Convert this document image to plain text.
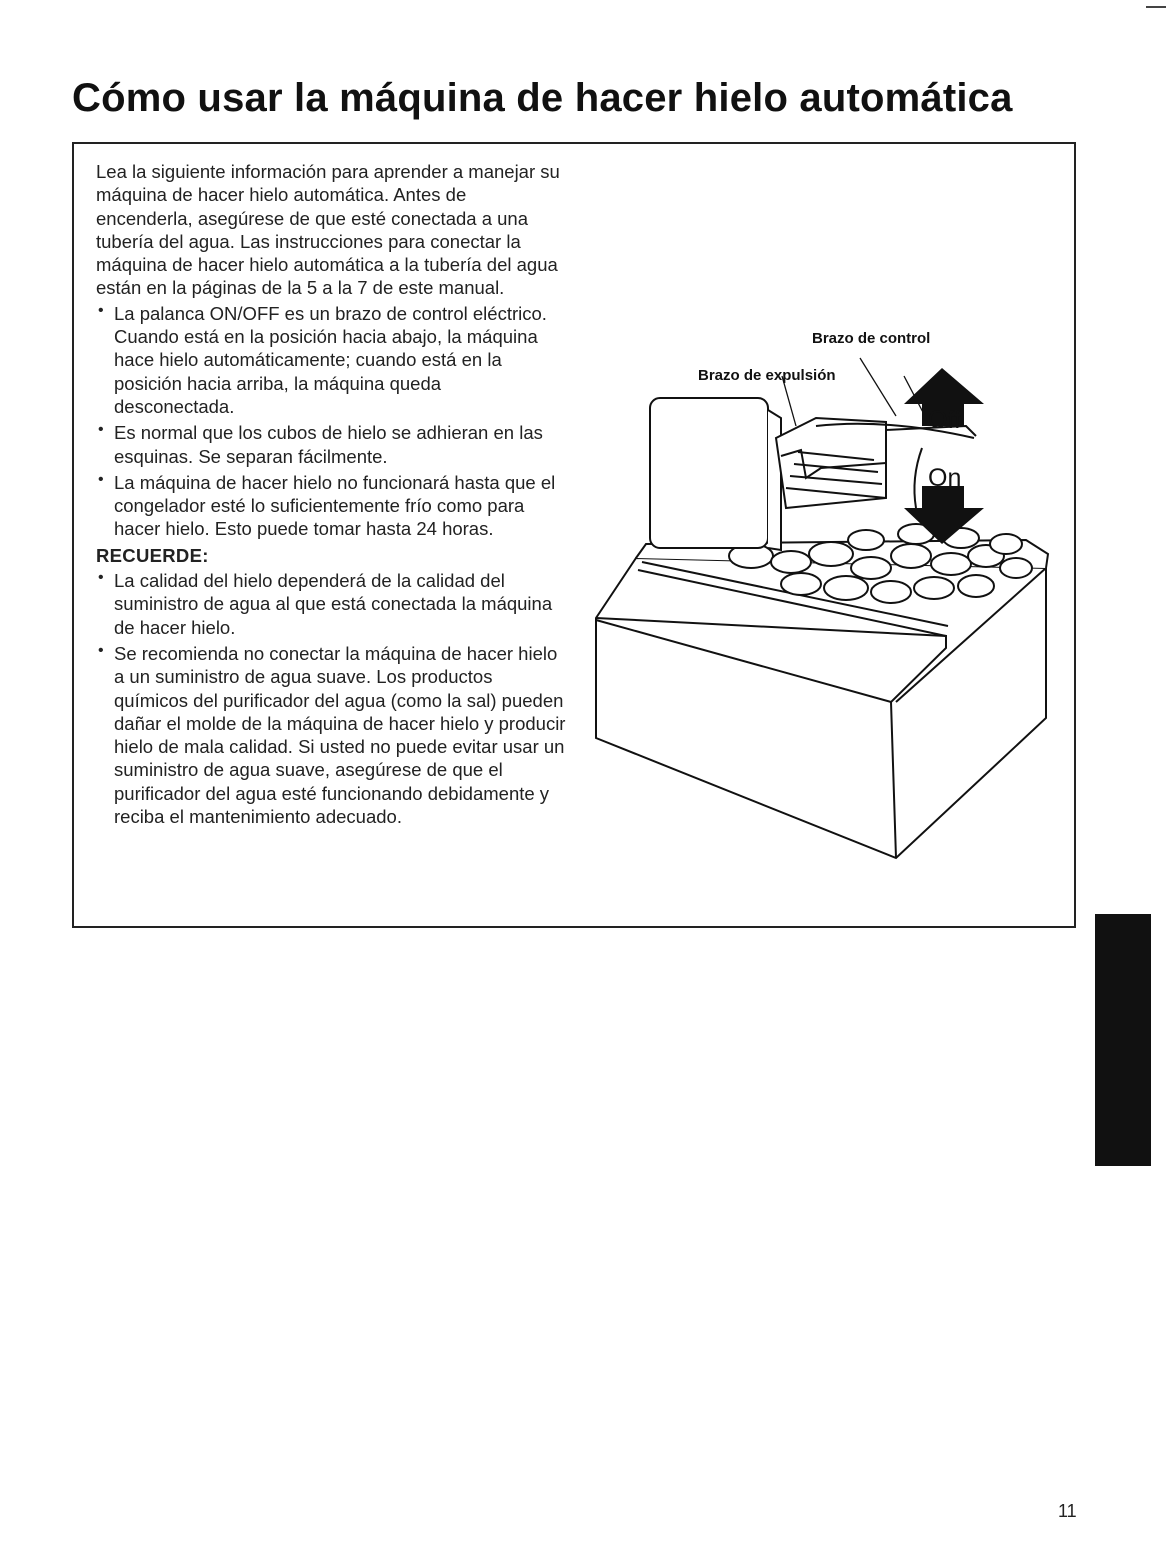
Cómo usar la máquina de hacer hielo automática

Lea la siguiente información para aprender a manejar su máquina de hacer hielo automática. Antes de encenderla, asegúrese de que esté conectada a una tubería del agua. Las instrucciones para conectar la máquina de hacer hielo automática a la tubería del agua están en la páginas de la 5 a la 7 de este manual.

• La palanca ON/OFF es un brazo de control eléctrico. Cuando está en la posición hacia abajo, la máquina hace hielo automáticamente; cuando está en la posición hacia arriba, la máquina queda desconectada.
• Es normal que los cubos de hielo se adhieran en las esquinas. Se separan fácilmente.
• La máquina de hacer hielo no funcionará hasta que el congelador esté lo suficientemente frío como para hacer hielo. Esto puede tomar hasta 24 horas.

RECUERDE:

• La calidad del hielo dependerá de la calidad del suministro de agua al que está conectada la máquina de hacer hielo.
• Se recomienda no conectar la máquina de hacer hielo a un suministro de agua suave. Los productos químicos del purificador del agua (como la sal) pueden dañar el molde de la máquina de hacer hielo y producir hielo de mala calidad. Si usted no puede evitar usar un suministro de agua suave, asegúrese de que el purificador del agua esté funcionando debidamente y reciba el mantenimiento adecuado.
Brazo de control
Brazo de expulsión
Off
On
11
